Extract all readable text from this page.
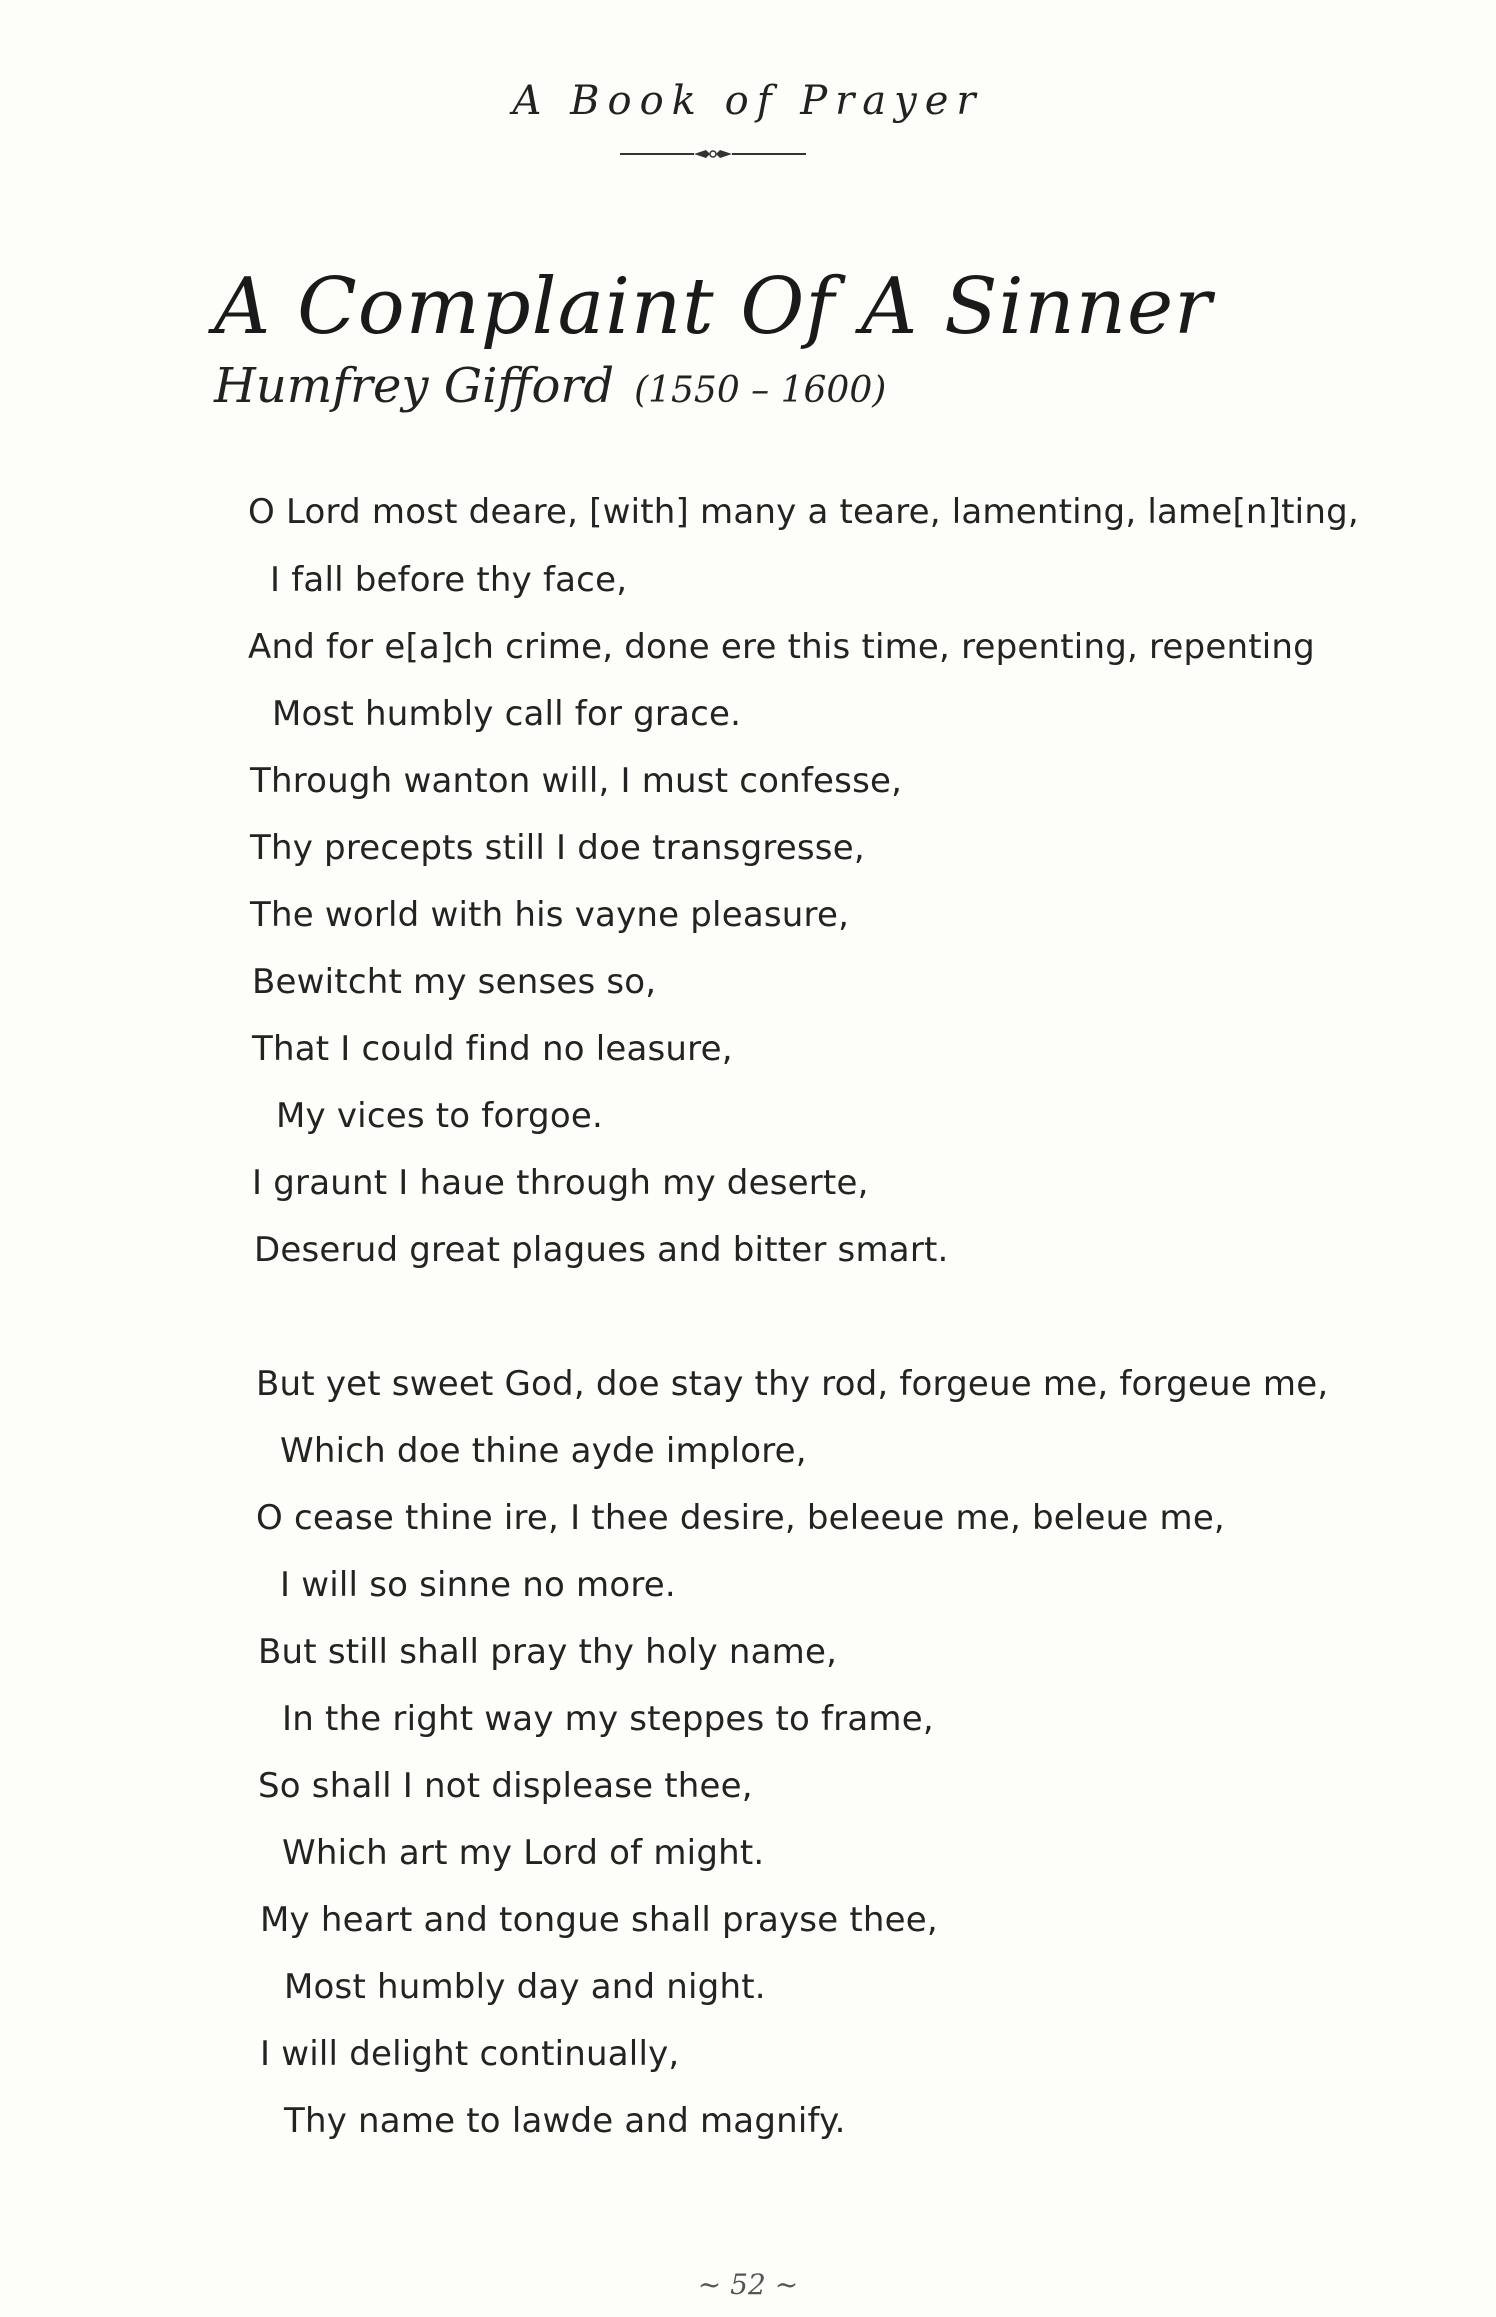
A Book of Prayer
A Complaint Of A Sinner
Humfrey Gifford (1550 – 1600)
O Lord most deare, [with] many a teare, lamenting, lame[n]ting,
I fall before thy face,
And for e[a]ch crime, done ere this time, repenting, repenting
Most humbly call for grace.
Through wanton will, I must confesse,
Thy precepts still I doe transgresse,
The world with his vayne pleasure,
Bewitcht my senses so,
That I could find no leasure,
My vices to forgoe.
I graunt I haue through my deserte,
Deserud great plagues and bitter smart.
But yet sweet God, doe stay thy rod, forgeue me, forgeue me,
Which doe thine ayde implore,
O cease thine ire, I thee desire, beleeue me, beleue me,
I will so sinne no more.
But still shall pray thy holy name,
In the right way my steppes to frame,
So shall I not displease thee,
Which art my Lord of might.
My heart and tongue shall prayse thee,
Most humbly day and night.
I will delight continually,
Thy name to lawde and magnify.
~ 52 ~
